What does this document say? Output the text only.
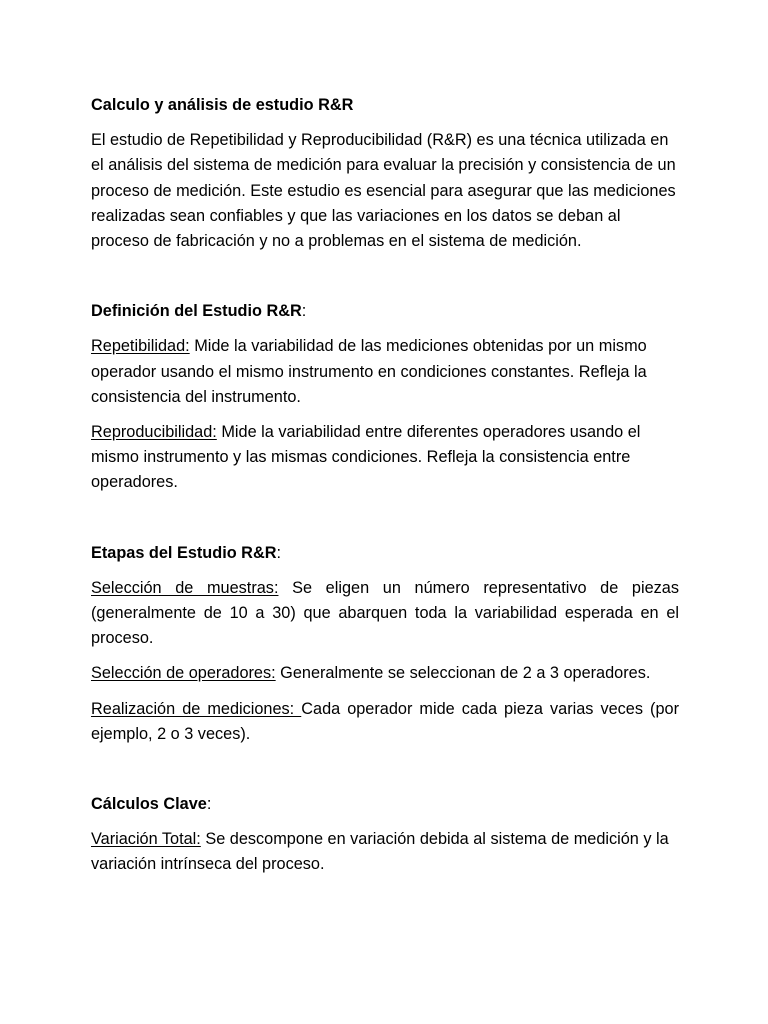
Calculo y análisis de estudio R&R

El estudio de Repetibilidad y Reproducibilidad (R&R) es una técnica utilizada en el análisis del sistema de medición para evaluar la precisión y consistencia de un proceso de medición. Este estudio es esencial para asegurar que las mediciones realizadas sean confiables y que las variaciones en los datos se deban al proceso de fabricación y no a problemas en el sistema de medición.

Definición del Estudio R&R:

Repetibilidad: Mide la variabilidad de las mediciones obtenidas por un mismo operador usando el mismo instrumento en condiciones constantes. Refleja la consistencia del instrumento.

Reproducibilidad: Mide la variabilidad entre diferentes operadores usando el mismo instrumento y las mismas condiciones. Refleja la consistencia entre operadores.

Etapas del Estudio R&R:

Selección de muestras: Se eligen un número representativo de piezas (generalmente de 10 a 30) que abarquen toda la variabilidad esperada en el proceso.

Selección de operadores: Generalmente se seleccionan de 2 a 3 operadores.

Realización de mediciones: Cada operador mide cada pieza varias veces (por ejemplo, 2 o 3 veces).

Cálculos Clave:

Variación Total: Se descompone en variación debida al sistema de medición y la variación intrínseca del proceso.
